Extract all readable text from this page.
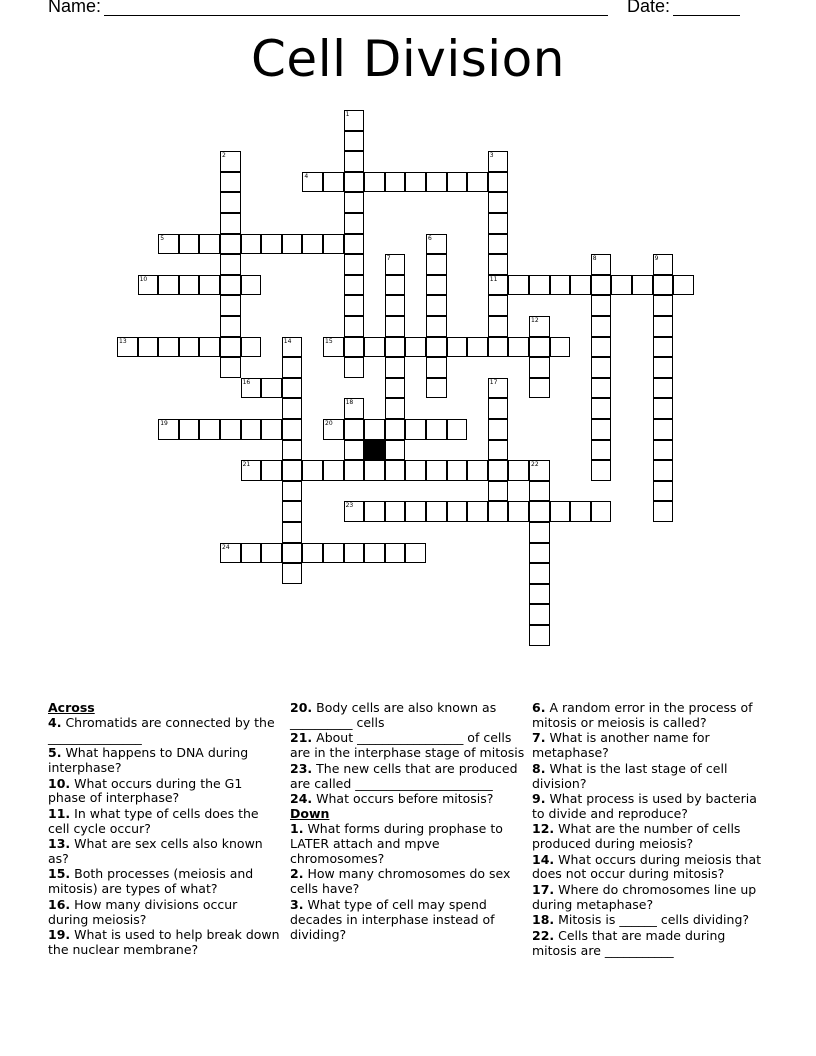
Name:	Date:
Cell Division
1
2	3
11
4
5	6
7	8	9
10
12
13	14	15
16	17
18
19	20
21	22
23
24
Across
4. Chromatids are connected by the _______________
5. What happens to DNA during interphase?
10. What occurs during the G1 phase of interphase?
11. In what type of cells does the cell cycle occur?
13. What are sex cells also known as?
15. Both processes (meiosis and mitosis) are types of what?
16. How many divisions occur during meiosis?
19. What is used to help break down the nuclear membrane?
20. Body cells are also known as __________ cells
21. About _________________ of cells are in the interphase stage of mitosis
23. The new cells that are produced are called ______________________
24. What occurs before mitosis?
Down
1. What forms during prophase to LATER attach and mpve chromosomes?
2. How many chromosomes do sex cells have?
3. What type of cell may spend decades in interphase instead of dividing?
6. A random error in the process of mitosis or meiosis is called?
7. What is another name for metaphase?
8. What is the last stage of cell division?
9. What process is used by bacteria to divide and reproduce?
12. What are the number of cells produced during meiosis?
14. What occurs during meiosis that does not occur during mitosis?
17. Where do chromosomes line up during metaphase?
18. Mitosis is ______ cells dividing?
22. Cells that are made during mitosis are ___________
